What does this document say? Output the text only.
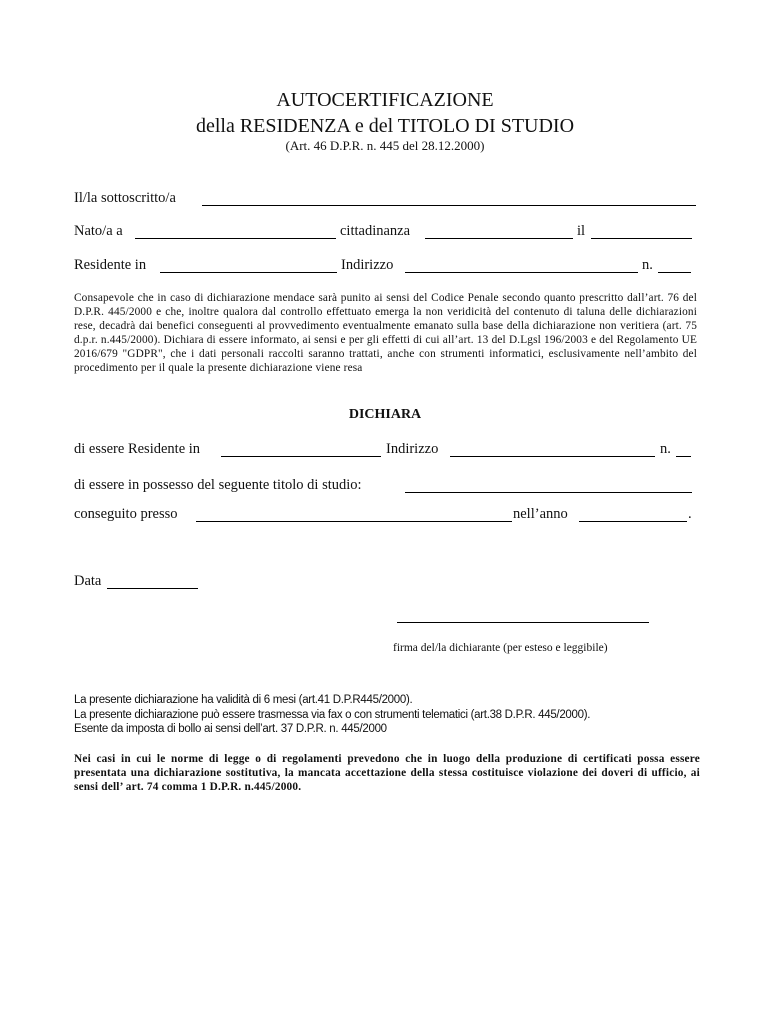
AUTOCERTIFICAZIONE
della RESIDENZA e del TITOLO DI STUDIO
(Art. 46 D.P.R. n. 445 del 28.12.2000)
Il/la sottoscritto/a
Nato/a a	cittadinanza	il
Residente in	Indirizzo	n.
Consapevole che in caso di dichiarazione mendace sarà punito ai sensi del Codice Penale secondo quanto prescritto dall’art. 76 del D.P.R. 445/2000 e che, inoltre qualora dal controllo effettuato emerga la non veridicità del contenuto di taluna delle dichiarazioni rese, decadrà dai benefici conseguenti al provvedimento eventualmente emanato sulla base della dichiarazione non veritiera (art. 75 d.p.r. n.445/2000). Dichiara di essere informato, ai sensi e per gli effetti di cui all’art. 13 del D.Lgsl 196/2003 e del Regolamento UE 2016/679 "GDPR", che i dati personali raccolti saranno trattati, anche con strumenti informatici, esclusivamente nell’ambito del procedimento per il quale la presente dichiarazione viene resa
DICHIARA
di essere Residente in	Indirizzo	n.
di essere in possesso del seguente titolo di studio:
conseguito presso	nell’anno	.
Data
firma del/la dichiarante (per esteso e leggibile)
La presente dichiarazione ha validità di 6 mesi (art.41 D.P.R445/2000).
La presente dichiarazione può essere trasmessa via fax o con strumenti telematici (art.38 D.P.R. 445/2000).
Esente da imposta di bollo ai sensi dell’art. 37 D.P.R. n. 445/2000
Nei casi in cui le norme di legge o di regolamenti prevedono che in luogo della produzione di certificati possa essere presentata una dichiarazione sostitutiva, la mancata accettazione della stessa costituisce violazione dei doveri di ufficio, ai sensi dell’ art. 74 comma 1 D.P.R. n.445/2000.
